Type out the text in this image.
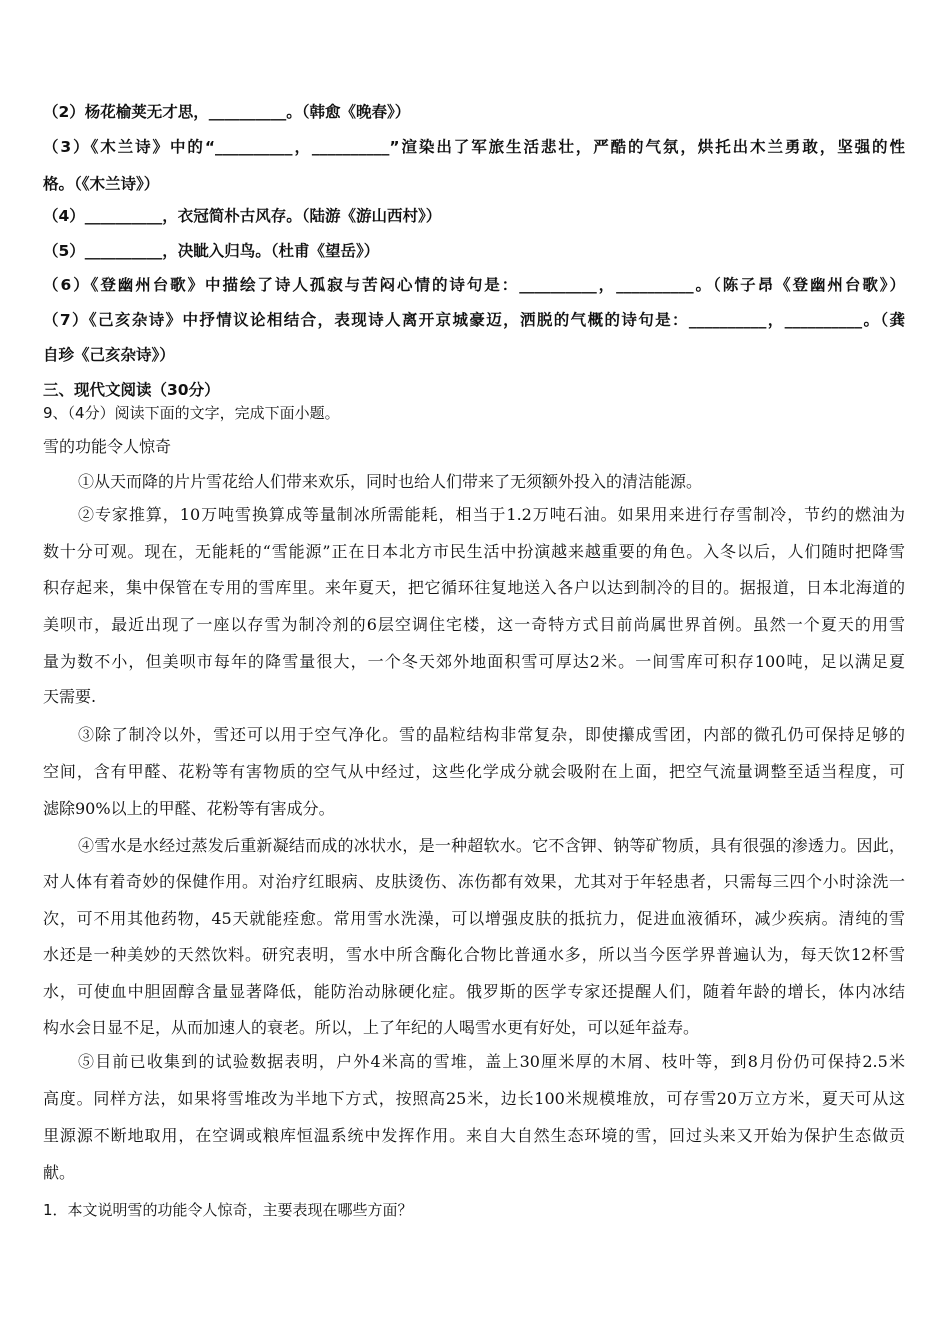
（2）杨花榆荚无才思，__________。（韩愈《晚春》）
（3）《木兰诗》中的“__________，__________”渲染出了军旅生活悲壮，严酷的气氛，烘托出木兰勇敢，坚强的性
格。（《木兰诗》）
（4）__________，衣冠简朴古风存。（陆游《游山西村》）
（5）__________，决眦入归鸟。（杜甫《望岳》）
（6）《登幽州台歌》中描绘了诗人孤寂与苦闷心情的诗句是：__________，__________。（陈子昂《登幽州台歌》）
（7）《己亥杂诗》中抒情议论相结合，表现诗人离开京城豪迈，洒脱的气概的诗句是：__________，__________。（龚
自珍《己亥杂诗》）
三、现代文阅读（30分）
9、（4分）阅读下面的文字，完成下面小题。
雪的功能令人惊奇
①从天而降的片片雪花给人们带来欢乐，同时也给人们带来了无须额外投入的清洁能源。
②专家推算，10万吨雪换算成等量制冰所需能耗，相当于1.2万吨石油。如果用来进行存雪制冷，节约的燃油为
数十分可观。现在，无能耗的“雪能源”正在日本北方市民生活中扮演越来越重要的角色。入冬以后，人们随时把降雪
积存起来，集中保管在专用的雪库里。来年夏天，把它循环往复地送入各户以达到制冷的目的。据报道，日本北海道的
美呗市，最近出现了一座以存雪为制冷剂的6层空调住宅楼，这一奇特方式目前尚属世界首例。虽然一个夏天的用雪
量为数不小，但美呗市每年的降雪量很大，一个冬天郊外地面积雪可厚达2米。一间雪库可积存100吨，足以满足夏
天需要.
③除了制冷以外，雪还可以用于空气净化。雪的晶粒结构非常复杂，即使攥成雪团，内部的微孔仍可保持足够的
空间，含有甲醛、花粉等有害物质的空气从中经过，这些化学成分就会吸附在上面，把空气流量调整至适当程度，可
滤除90%以上的甲醛、花粉等有害成分。
④雪水是水经过蒸发后重新凝结而成的冰状水，是一种超软水。它不含钾、钠等矿物质，具有很强的渗透力。因此，
对人体有着奇妙的保健作用。对治疗红眼病、皮肤烫伤、冻伤都有效果，尤其对于年轻患者，只需每三四个小时涂洗一
次，可不用其他药物，45天就能痊愈。常用雪水洗澡，可以增强皮肤的抵抗力，促进血液循环，减少疾病。清纯的雪
水还是一种美妙的天然饮料。研究表明，雪水中所含酶化合物比普通水多，所以当今医学界普遍认为，每天饮12杯雪
水，可使血中胆固醇含量显著降低，能防治动脉硬化症。俄罗斯的医学专家还提醒人们，随着年龄的增长，体内冰结
构水会日显不足，从而加速人的衰老。所以，上了年纪的人喝雪水更有好处，可以延年益寿。
⑤目前已收集到的试验数据表明，户外4米高的雪堆，盖上30厘米厚的木屑、枝叶等，到8月份仍可保持2.5米
高度。同样方法，如果将雪堆改为半地下方式，按照高25米，边长100米规模堆放，可存雪20万立方米，夏天可从这
里源源不断地取用，在空调或粮库恒温系统中发挥作用。来自大自然生态环境的雪，回过头来又开始为保护生态做贡
献。
1．本文说明雪的功能令人惊奇，主要表现在哪些方面？
